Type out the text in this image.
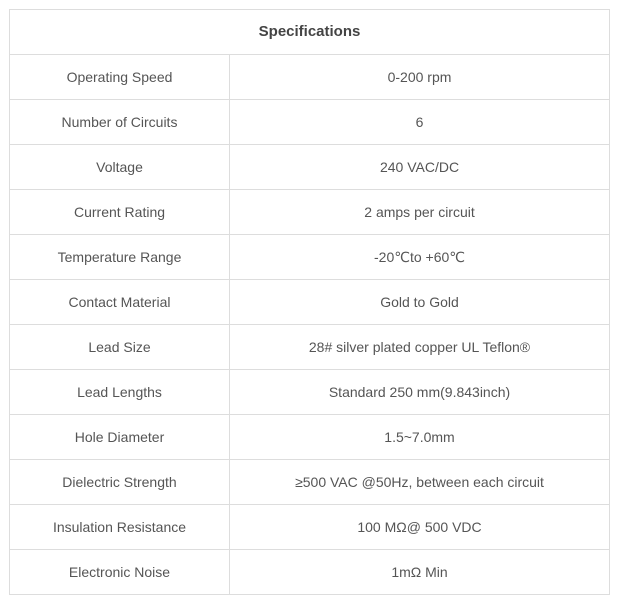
Specifications	
Operating Speed	0-200 rpm
Number of Circuits	6
Voltage	240 VAC/DC
Current Rating	2 amps per circuit
Temperature Range	-20℃to +60℃
Contact Material	Gold to Gold
Lead Size	28# silver plated copper UL Teflon®
Lead Lengths	Standard 250 mm(9.843inch)
Hole Diameter	1.5~7.0mm
Dielectric Strength	≥500 VAC @50Hz, between each circuit
Insulation Resistance	100 MΩ@ 500 VDC
Electronic Noise	1mΩ Min
